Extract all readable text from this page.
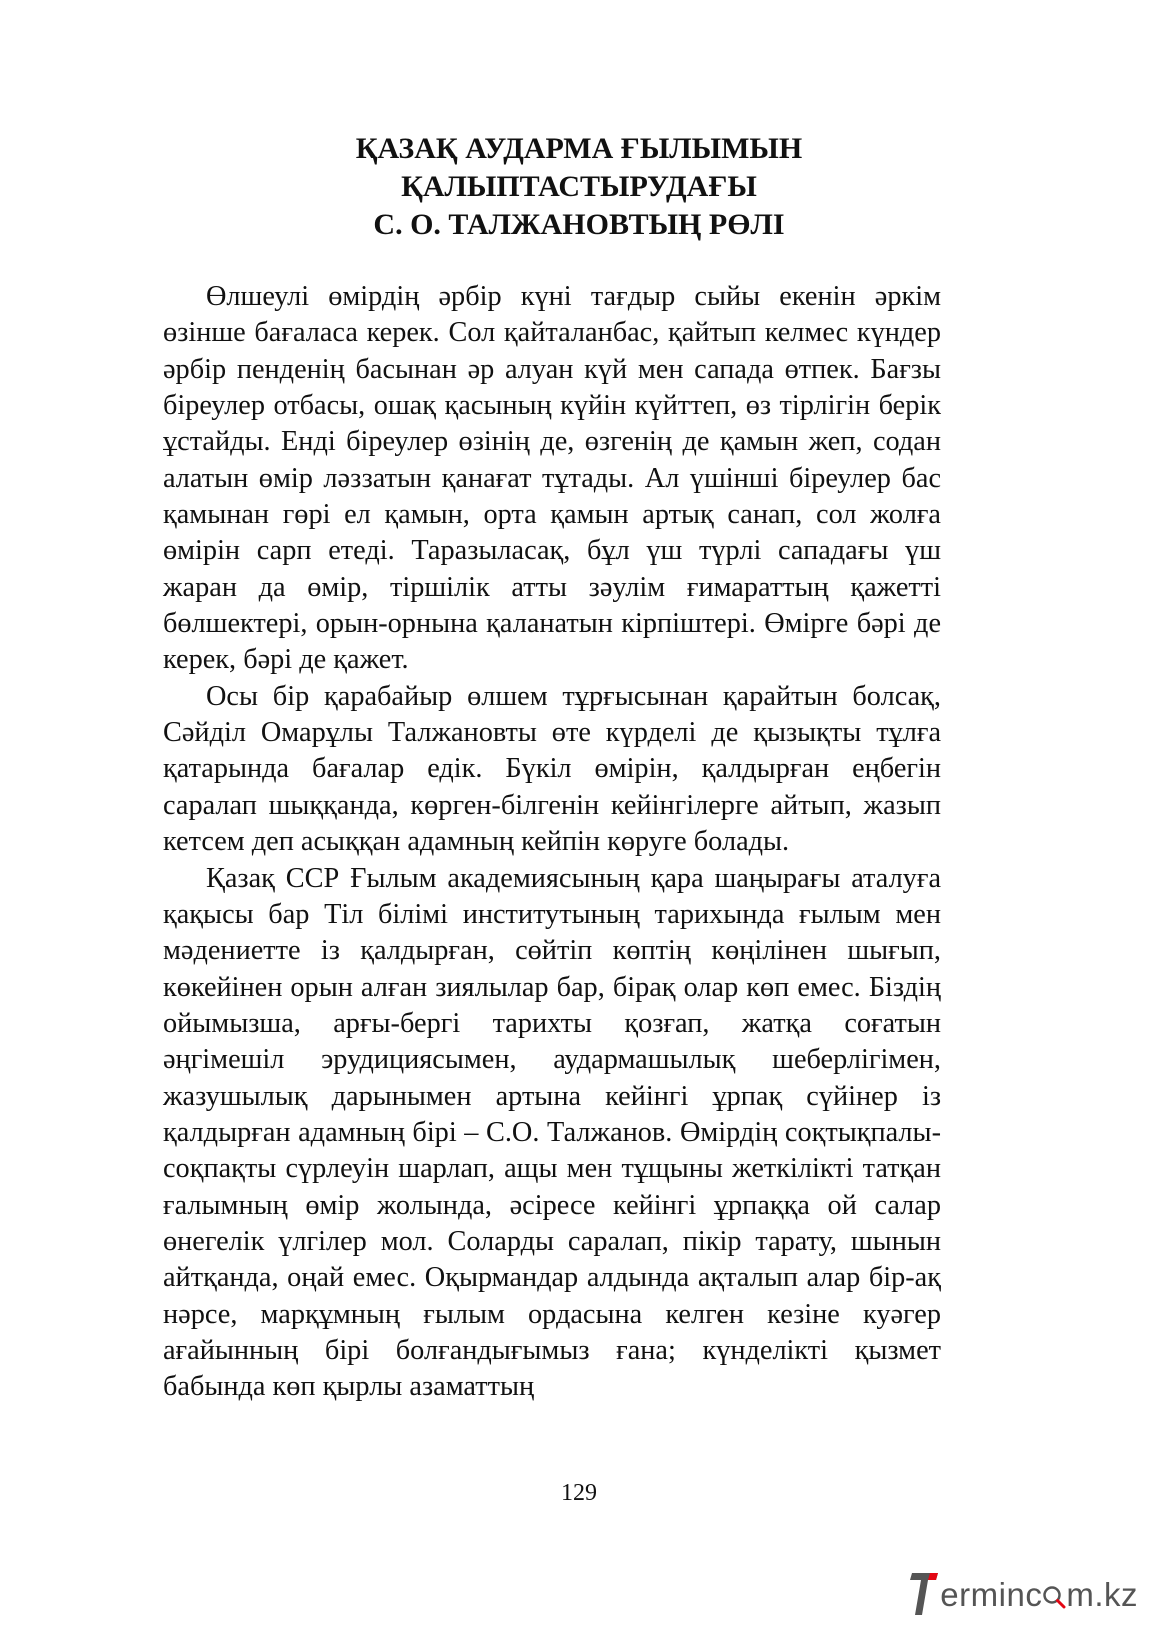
ҚАЗАҚ АУДАРМА ҒЫЛЫМЫН
ҚАЛЫПТАСТЫРУДАҒЫ
С. О. ТАЛЖАНОВТЫҢ РӨЛІ

Өлшеулі өмірдің әрбір күні тағдыр сыйы екенін әркім өзінше бағаласа керек. Сол қайталанбас, қайтып келмес күндер әрбір пенденің басынан әр алуан күй мен сапада өтпек. Бағзы біреулер отбасы, ошақ қасының күйін күйттеп, өз тірлігін берік ұстайды. Енді біреулер өзінің де, өзгенің де қамын жеп, содан алатын өмір ләззатын қанағат тұтады. Ал үшінші біреулер бас қамынан гөрі ел қамын, орта қамын артық санап, сол жолға өмірін сарп етеді. Таразыласақ, бұл үш түрлі сападағы үш жаран да өмір, тіршілік атты зәулім ғимараттың қажетті бөлшектері, орын-орнына қаланатын кірпіштері. Өмірге бәрі де керек, бәрі де қажет.

Осы бір қарабайыр өлшем тұрғысынан қарайтын болсақ, Сәйділ Омарұлы Талжановты өте күрделі де қызықты тұлға қатарында бағалар едік. Бүкіл өмірін, қалдырған еңбегін саралап шыққанда, көрген-білгенін кейінгілерге айтып, жазып кетсем деп асыққан адамның кейпін көруге болады.

Қазақ ССР Ғылым академиясының қара шаңырағы аталуға қақысы бар Тіл білімі институтының тарихында ғылым мен мәдениетте із қалдырған, сөйтіп көптің көңілінен шығып, көкейінен орын алған зиялылар бар, бірақ олар көп емес. Біздің ойымызша, арғы-бергі тарихты қозғап, жатқа соғатын әңгімешіл эрудициясымен, аудармашылық шеберлігімен, жазушылық дарынымен артына кейінгі ұрпақ сүйінер із қалдырған адамның бірі – С.О. Талжанов. Өмірдің соқтықпалы-соқпақты сүрлеуін шарлап, ащы мен тұщыны жеткілікті татқан ғалымның өмір жолында, әсіресе кейінгі ұрпаққа ой салар өнегелік үлгілер мол. Соларды саралап, пікір тарату, шынын айтқанда, оңай емес. Оқырмандар алдында ақталып алар бір-ақ нәрсе, марқұмның ғылым ордасына келген кезіне куәгер ағайынның бірі болғандығымыз ғана; күнделікті қызмет бабында көп қырлы азаматтың

129
ermin c m.kz
